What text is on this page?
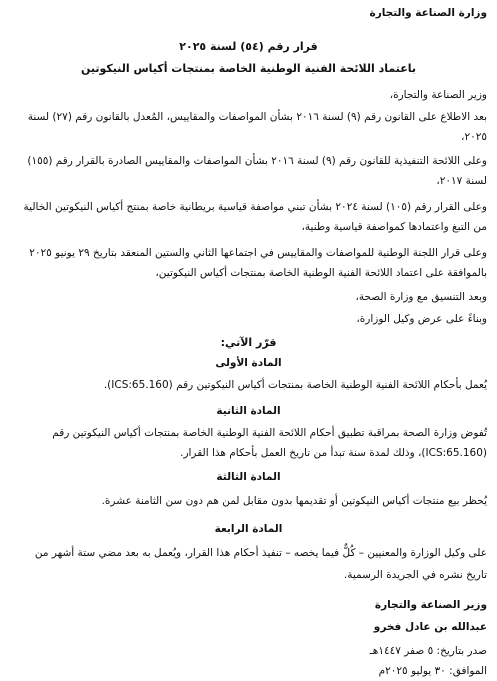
وزارة الصناعة والتجارة
قرار رقم (٥٤) لسنة ٢٠٢٥
باعتماد اللائحة الفنية الوطنية الخاصة بمنتجات أكياس النيكوتين
وزير الصناعة والتجارة،
بعد الاطلاع على القانون رقم (٩) لسنة ٢٠١٦ بشأن المواصفات والمقاييس، المُعدل بالقانون رقم (٢٧) لسنة
٢٠٢٥،
وعلى اللائحة التنفيذية للقانون رقم (٩) لسنة ٢٠١٦ بشأن المواصفات والمقاييس الصادرة بالقرار رقم (١٥٥)
لسنة ٢٠١٧،
وعلى القرار رقم (١٠٥) لسنة ٢٠٢٤ بشأن تبني مواصفة قياسية بريطانية خاصة بمنتج أكياس النيكوتين الخالية
من التبغ واعتمادها كمواصفة قياسية وطنية،
وعلى قرار اللجنة الوطنية للمواصفات والمقاييس في اجتماعها الثاني والستين المنعقد بتاريخ ٢٩ يونيو ٢٠٢٥
بالموافقة على اعتماد اللائحة الفنية الوطنية الخاصة بمنتجات أكياس النيكوتين،
وبعد التنسيق مع وزارة الصحة،
وبناءً على عرض وكيل الوزارة،
قرّر الآتي:
المادة الأولى
يُعمل بأحكام اللائحة الفنية الوطنية الخاصة بمنتجات أكياس النيكوتين رقم (ICS:65.160).
المادة الثانية
تُفوض وزارة الصحة بمراقبة تطبيق أحكام اللائحة الفنية الوطنية الخاصة بمنتجات أكياس النيكوتين رقم
(ICS:65.160)، وذلك لمدة سنة تبدأ من تاريخ العمل بأحكام هذا القرار.
المادة الثالثة
يُحظر بيع منتجات أكياس النيكوتين أو تقديمها بدون مقابل لمن هم دون سن الثامنة عشرة.
المادة الرابعة
على وكيل الوزارة والمعنيين – كُلٌّ فيما يخصه – تنفيذ أحكام هذا القرار، ويُعمل به بعد مضي ستة أشهر من
تاريخ نشره في الجريدة الرسمية.
وزير الصناعة والتجارة
عبدالله بن عادل فخرو
صدر بتاريخ: ٥ صفر ١٤٤٧هـ
الموافق: ٣٠ يوليو ٢٠٢٥م
